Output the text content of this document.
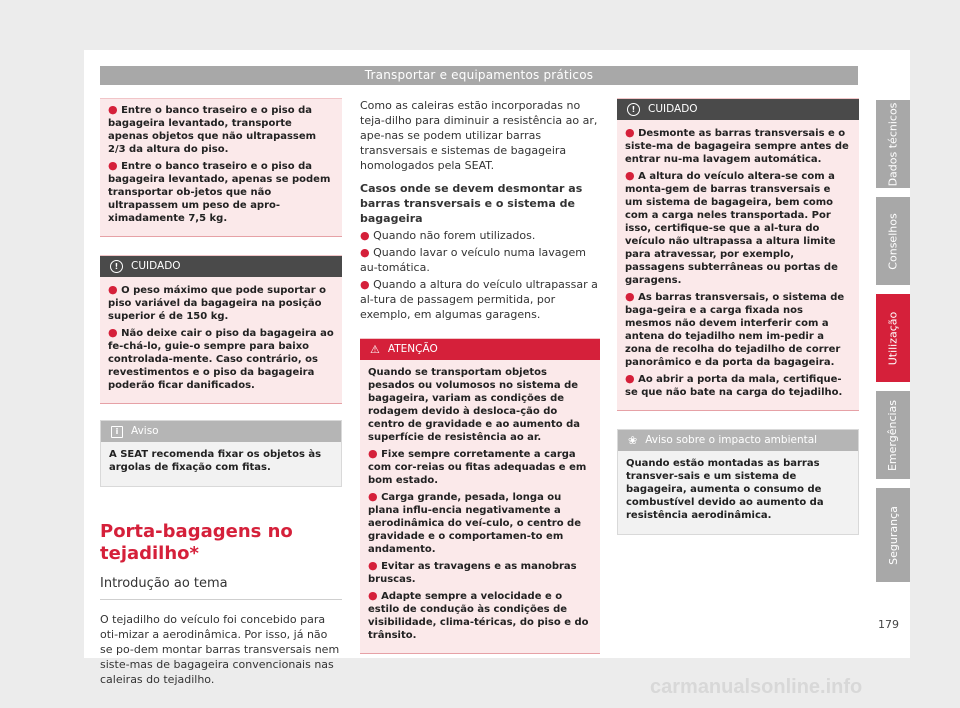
Transportar e equipamentos práticos

● Entre o banco traseiro e o piso da bagageira levantado, transporte apenas objetos que não ultrapassem 2/3 da altura do piso.

● Entre o banco traseiro e o piso da bagageira levantado, apenas se podem transportar ob-jetos que não ultrapassem um peso de apro-ximadamente 7,5 kg.

!	CUIDADO

● O peso máximo que pode suportar o piso variável da bagageira na posição superior é de 150 kg.

● Não deixe cair o piso da bagageira ao fe-chá-lo, guie-o sempre para baixo controlada-mente. Caso contrário, os revestimentos e o piso da bagageira poderão ficar danificados.

i	Aviso

A SEAT recomenda fixar os objetos às argolas de fixação com fitas.

Porta-bagagens no tejadilho*

Introdução ao tema

O tejadilho do veículo foi concebido para oti-mizar a aerodinâmica. Por isso, já não se po-dem montar barras transversais nem siste-mas de bagageira convencionais nas caleiras do tejadilho.

Como as caleiras estão incorporadas no teja-dilho para diminuir a resistência ao ar, ape-nas se podem utilizar barras transversais e sistemas de bagageira homologados pela SEAT.

Casos onde se devem desmontar as barras transversais e o sistema de bagageira

● Quando não forem utilizados.

● Quando lavar o veículo numa lavagem au-tomática.

● Quando a altura do veículo ultrapassar a al-tura de passagem permitida, por exemplo, em algumas garagens.

⚠ ATENÇÃO

Quando se transportam objetos pesados ou volumosos no sistema de bagageira, variam as condições de rodagem devido à desloca-ção do centro de gravidade e ao aumento da superfície de resistência ao ar.

● Fixe sempre corretamente a carga com cor-reias ou fitas adequadas e em bom estado.

● Carga grande, pesada, longa ou plana influ-encia negativamente a aerodinâmica do veí-culo, o centro de gravidade e o comportamen-to em andamento.

● Evitar as travagens e as manobras bruscas.

● Adapte sempre a velocidade e o estilo de condução às condições de visibilidade, clima-téricas, do piso e do trânsito.

!	CUIDADO

● Desmonte as barras transversais e o siste-ma de bagageira sempre antes de entrar nu-ma lavagem automática.

● A altura do veículo altera-se com a monta-gem de barras transversais e um sistema de bagageira, bem como com a carga neles transportada. Por isso, certifique-se que a al-tura do veículo não ultrapassa a altura limite para atravessar, por exemplo, passagens subterrâneas ou portas de garagens.

● As barras transversais, o sistema de baga-geira e a carga fixada nos mesmos não devem interferir com a antena do tejadilho nem im-pedir a zona de recolha do tejadilho de correr panorâmico e da porta da bagageira.

● Ao abrir a porta da mala, certifique-se que não bate na carga do tejadilho.

❀ Aviso sobre o impacto ambiental

Quando estão montadas as barras transver-sais e um sistema de bagageira, aumenta o consumo de combustível devido ao aumento da resistência aerodinâmica.

Dados técnicos
Conselhos
Utilização
Emergências
Segurança
179
carmanualsonline.info
